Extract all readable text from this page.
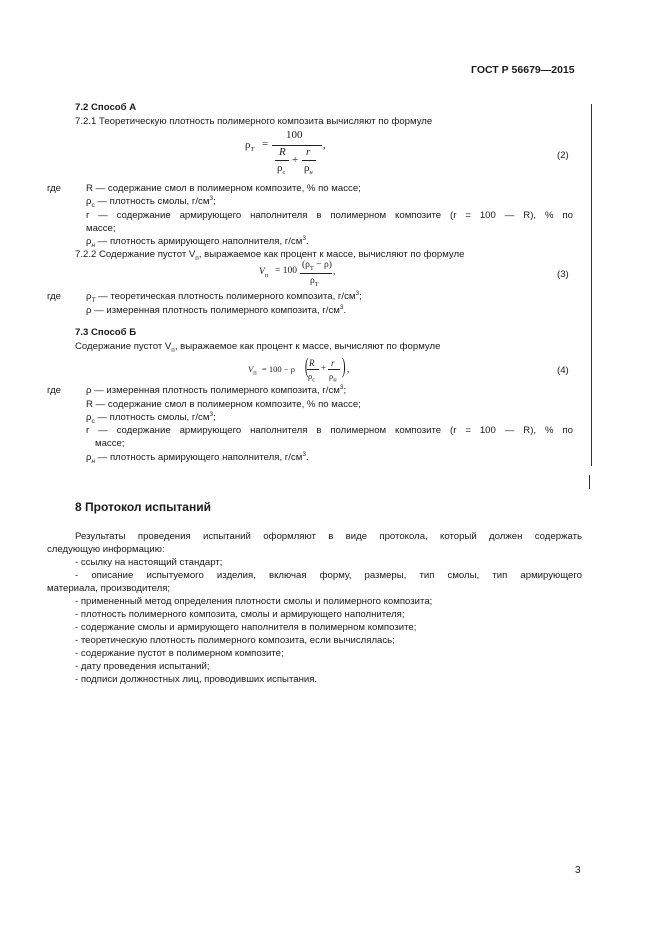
ГОСТ Р 56679—2015
7.2 Способ А
7.2.1 Теоретическую плотность полимерного композита вычисляют по формуле
$\rho_T$ =
100
R
$\rho_с$
+
r
$\rho_н$
,
(2)
где	R — содержание смол в полимерном композите, % по массе;
$\rho_с$ — плотность смолы, $г/см^3$;
r — содержание армирующего наполнителя в полимерном композите (r = 100 — R), % по
массе;
$\rho_н$ — плотность армирующего наполнителя, $г/см^3$.
7.2.2 Содержание пустот $V_п$, выражаемое как процент к массе, вычисляют по формуле
$V_п = 100$
$(\rho_T - \rho)$
$\rho_T$
,	(3)
где	$\rho_T$ — теоретическая плотность полимерного композита, $г/см^3$;
ρ — измеренная плотность полимерного композита, $г/см^3$.
7.3 Способ Б
Содержание пустот $V_п$, выражаемое как процент к массе, вычисляют по формуле
$V_п = 100 - \rho$ ( R
$\rho_с$
+ r
$\rho_н$
) ,	(4)
где	ρ — измеренная плотность полимерного композита, $г/см^3$;
R — содержание смол в полимерном композите, % по массе;
$\rho_с$ — плотность смолы, $г/см^3$;
r — содержание армирующего наполнителя в полимерном композите (r = 100 — R), % по
массе;
$\rho_н$ — плотность армирующего наполнителя, $г/см^3$.
8 Протокол испытаний
Результаты проведения испытаний оформляют в виде протокола, который должен содержать
следующую информацию:
- ссылку на настоящий стандарт;
- описание испытуемого изделия, включая форму, размеры, тип смолы, тип армирующего
материала, производителя;
- примененный метод определения плотности смолы и полимерного композита;
- плотность полимерного композита, смолы и армирующего наполнителя;
- содержание смолы и армирующего наполнителя в полимерном композите;
- теоретическую плотность полимерного композита, если вычислялась;
- содержание пустот в полимерном композите;
- дату проведения испытаний;
- подписи должностных лиц, проводивших испытания.
3
